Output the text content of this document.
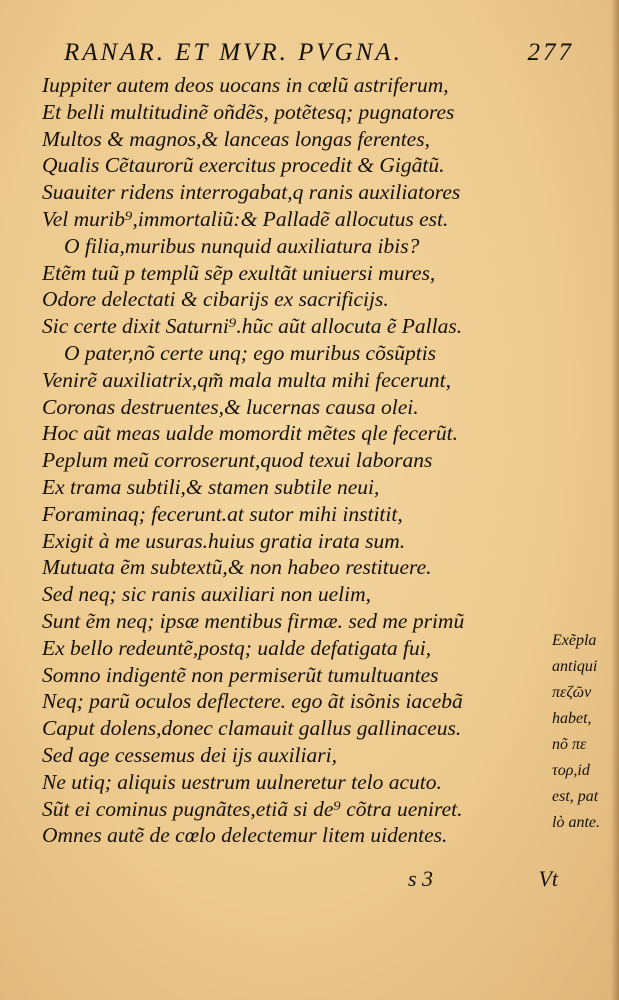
RANAR. ET MVR. PVGNA.	277
Iuppiter autem deos uocans in cœlũ astriferum,
Et belli multitudinẽ oñdẽs, potẽtesq; pugnatores
Multos & magnos,& lanceas longas ferentes,
Qualis Cẽtaurorũ exercitus procedit & Gigãtũ.
Suauiter ridens interrogabat,q ranis auxiliatores
Vel murib⁹,immortaliũ:& Palladẽ allocutus est.
O filia,muribus nunquid auxiliatura ibis?
Etẽm tuũ p templũ sẽp exultãt uniuersi mures,
Odore delectati & cibarijs ex sacrificijs.
Sic certe dixit Saturni⁹.hũc aũt allocuta ẽ Pallas.
O pater,nõ certe unq; ego muribus cõsũptis
Venirẽ auxiliatrix,qm̃ mala multa mihi fecerunt,
Coronas destruentes,& lucernas causa olei.
Hoc aũt meas ualde momordit mẽtes qle fecerũt.
Peplum meũ corroserunt,quod texui laborans
Ex trama subtili,& stamen subtile neui,
Foraminaq; fecerunt.at sutor mihi institit,
Exigit à me usuras.huius gratia irata sum.
Mutuata ẽm subtextũ,& non habeo restituere.
Sed neq; sic ranis auxiliari non uelim,
Sunt ẽm neq; ipsæ mentibus firmæ. sed me primũ
Ex bello redeuntẽ,postq; ualde defatigata fui,
Somno indigentẽ non permiserũt tumultuantes
Neq; parũ oculos deflectere. ego ãt isõnis iacebã
Caput dolens,donec clamauit gallus gallinaceus.
Sed age cessemus dei ijs auxiliari,
Ne utiq; aliquis uestrum uulneretur telo acuto.
Sũt ei cominus pugnãtes,etiã si de⁹ cõtra ueniret.
Omnes autẽ de cœlo delectemur litem uidentes.
Exẽpla
antiqui
πεζῶν
habet,
nõ πε
τορ,id
est, pat
lò ante.
s 3	Vt
